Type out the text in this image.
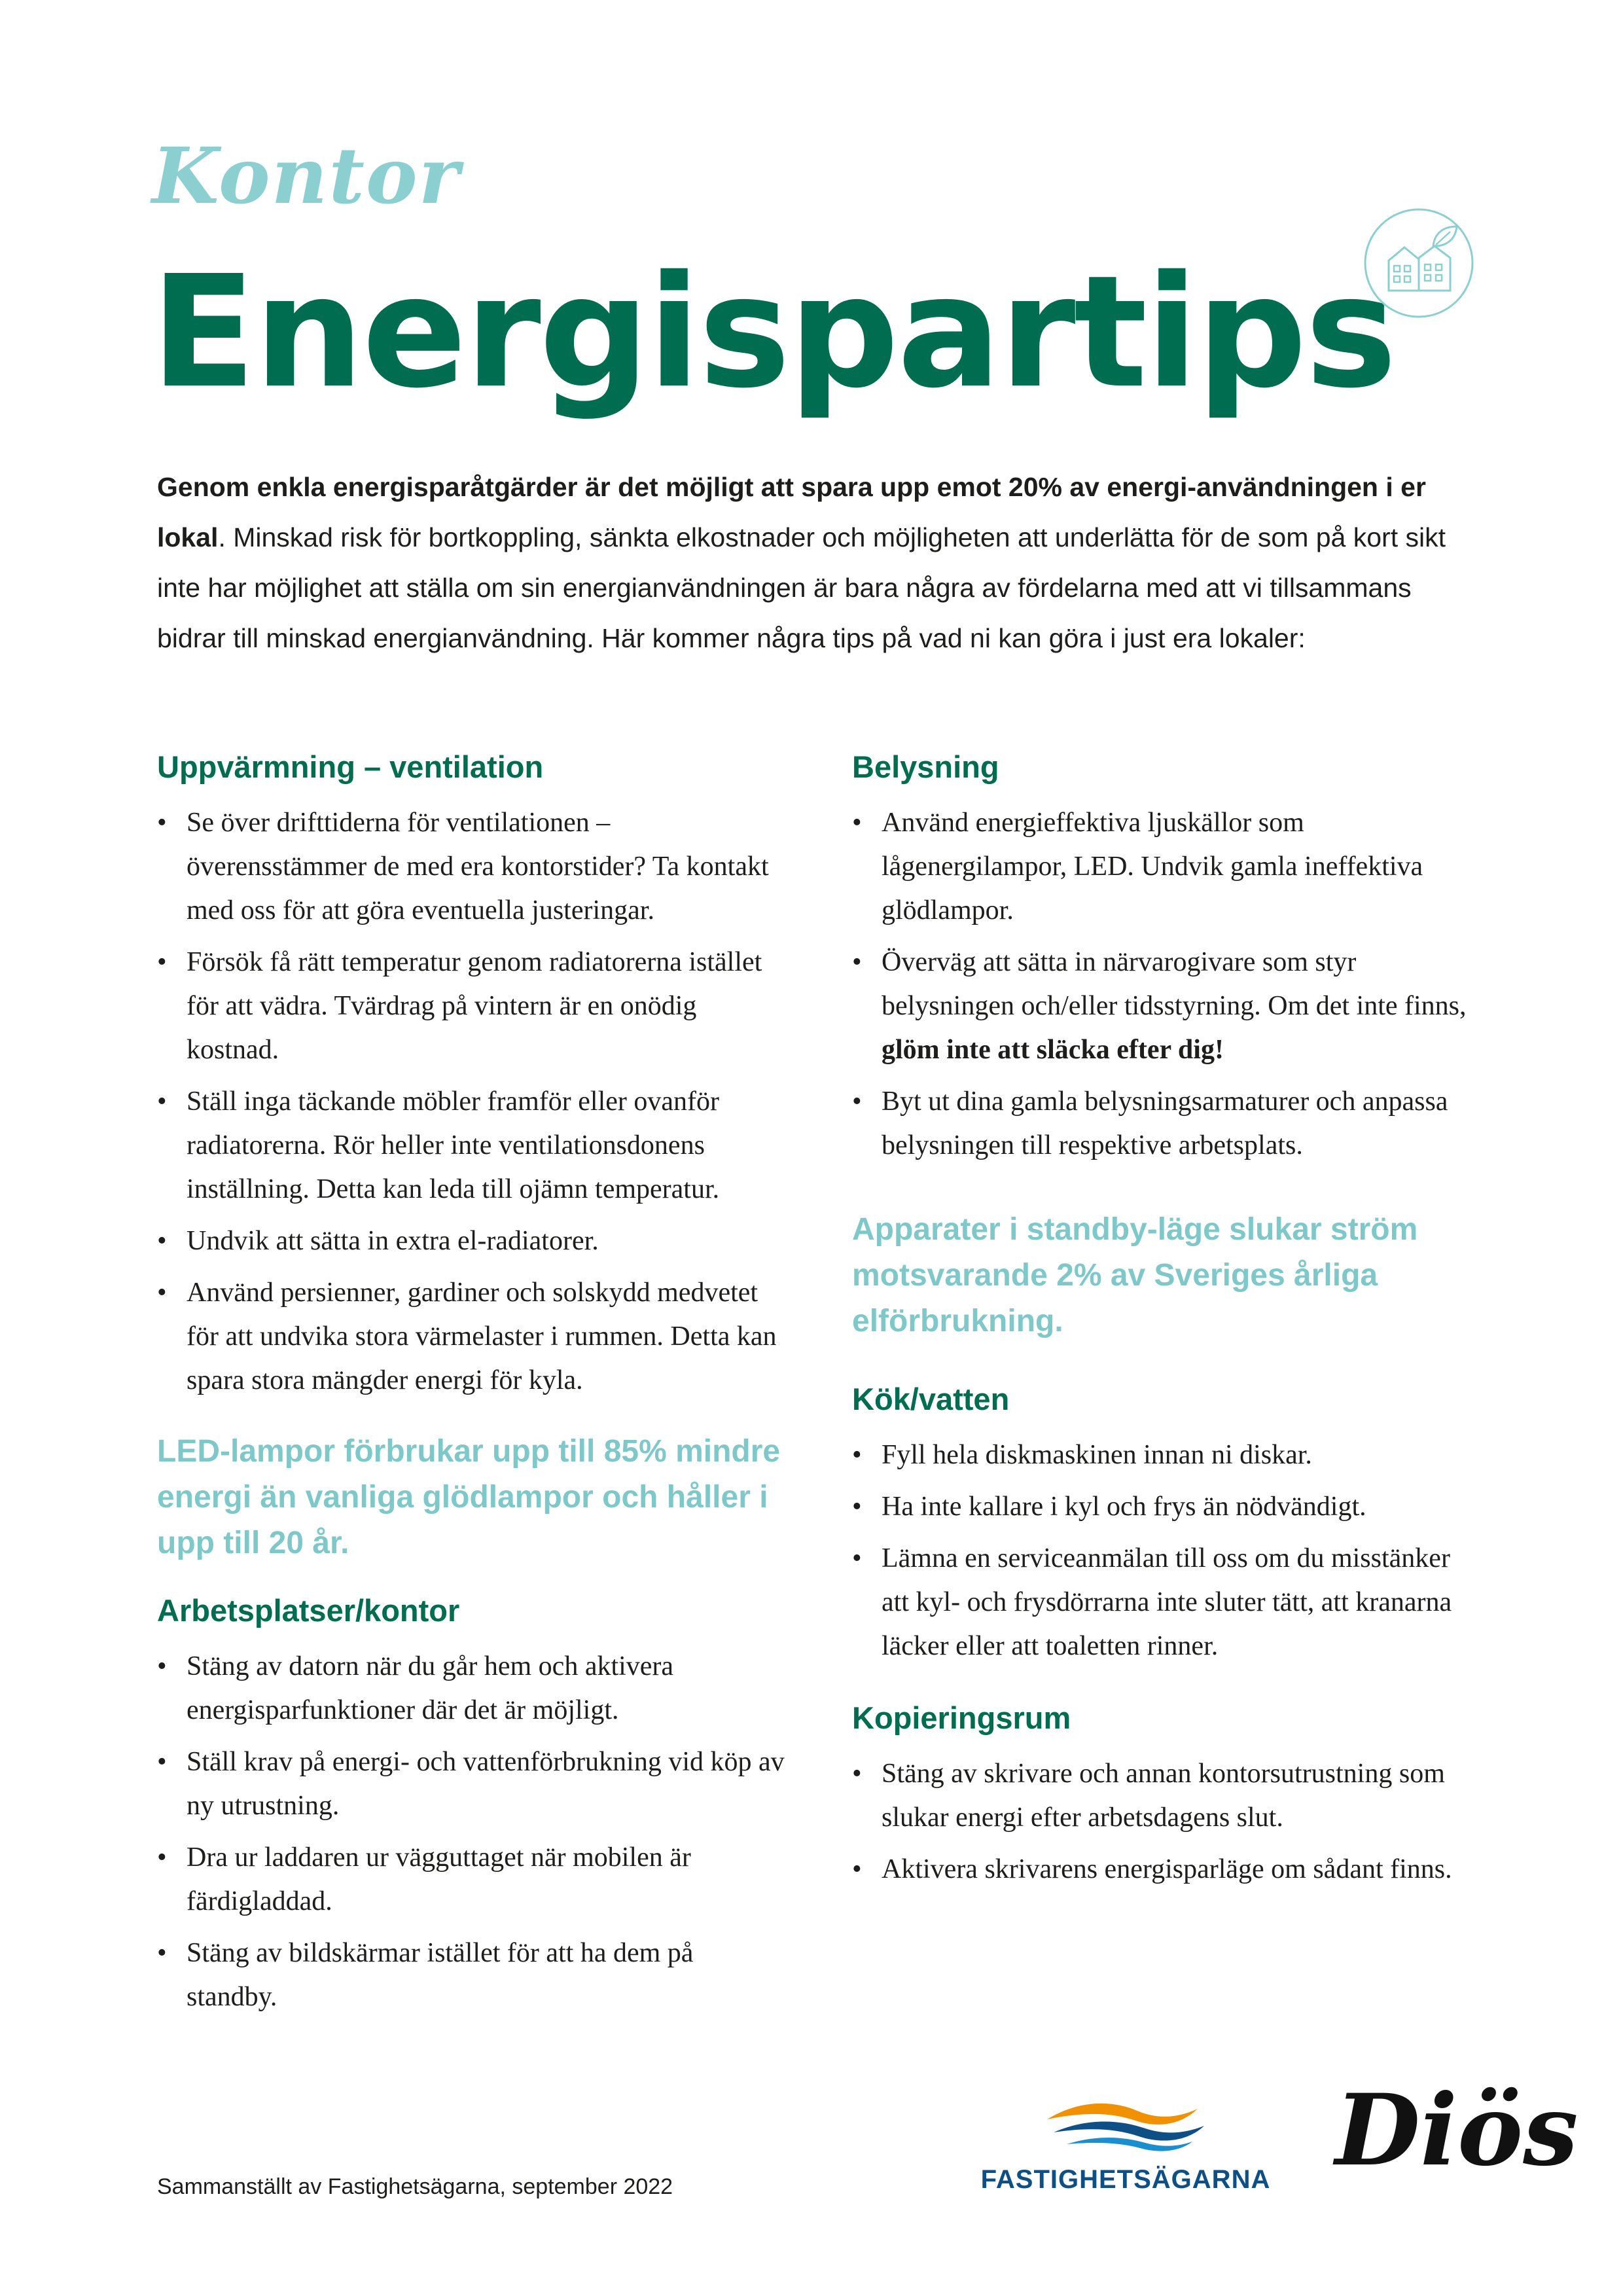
Kontor
Energispartips
Genom enkla energisparåtgärder är det möjligt att spara upp emot 20% av energi-användningen i er lokal. Minskad risk för bortkoppling, sänkta elkostnader och möjligheten att underlätta för de som på kort sikt inte har möjlighet att ställa om sin energianvändningen är bara några av fördelarna med att vi tillsammans bidrar till minskad energianvändning. Här kommer några tips på vad ni kan göra i just era lokaler:
Uppvärmning – ventilation
• Se över drifttiderna för ventilationen – överensstämmer de med era kontorstider? Ta kontakt med oss för att göra eventuella justeringar.
• Försök få rätt temperatur genom radiatorerna istället för att vädra. Tvärdrag på vintern är en onödig kostnad.
• Ställ inga täckande möbler framför eller ovanför radiatorerna. Rör heller inte ventilationsdonens inställning. Detta kan leda till ojämn temperatur.
• Undvik att sätta in extra el-radiatorer.
• Använd persienner, gardiner och solskydd medvetet för att undvika stora värmelaster i rummen. Detta kan spara stora mängder energi för kyla.
LED-lampor förbrukar upp till 85% mindre energi än vanliga glödlampor och håller i upp till 20 år.
Arbetsplatser/kontor
• Stäng av datorn när du går hem och aktivera energisparfunktioner där det är möjligt.
• Ställ krav på energi- och vattenförbrukning vid köp av ny utrustning.
• Dra ur laddaren ur vägguttaget när mobilen är färdigladdad.
• Stäng av bildskärmar istället för att ha dem på standby.
Belysning
• Använd energieffektiva ljuskällor som lågenergilampor, LED. Undvik gamla ineffektiva glödlampor.
• Överväg att sätta in närvarogivare som styr belysningen och/eller tidsstyrning. Om det inte finns, glöm inte att släcka efter dig!
• Byt ut dina gamla belysningsarmaturer och anpassa belysningen till respektive arbetsplats.
Apparater i standby-läge slukar ström motsvarande 2% av Sveriges årliga elförbrukning.
Kök/vatten
• Fyll hela diskmaskinen innan ni diskar.
• Ha inte kallare i kyl och frys än nödvändigt.
• Lämna en serviceanmälan till oss om du misstänker att kyl- och frysdörrarna inte sluter tätt, att kranarna läcker eller att toaletten rinner.
Kopieringsrum
• Stäng av skrivare och annan kontorsutrustning som slukar energi efter arbetsdagens slut.
• Aktivera skrivarens energisparläge om sådant finns.
Sammanställt av Fastighetsägarna, september 2022	FASTIGHETSÄGARNA Diös
